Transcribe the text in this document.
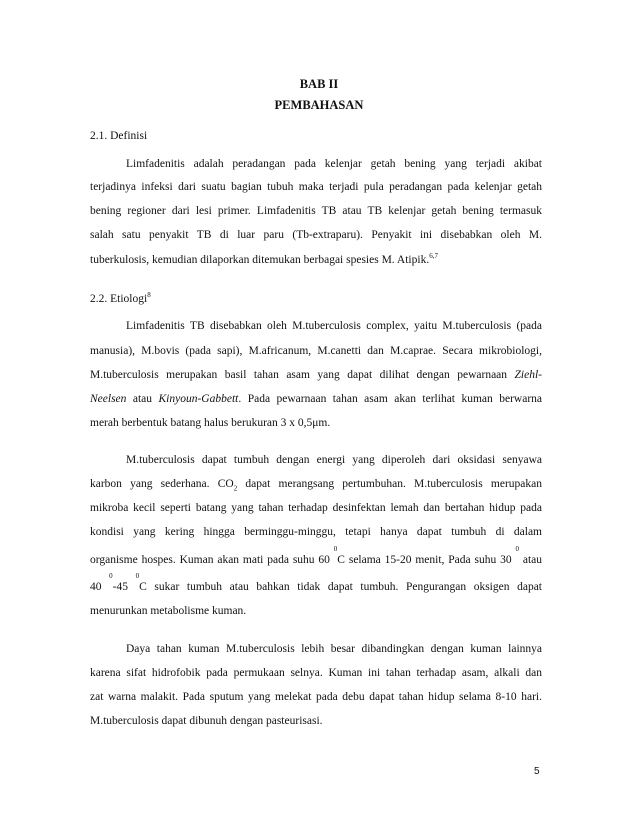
BAB II
PEMBAHASAN
2.1. Definisi
Limfadenitis adalah peradangan pada kelenjar getah bening yang terjadi akibat
terjadinya infeksi dari suatu bagian tubuh maka terjadi pula peradangan pada kelenjar getah
bening regioner dari lesi primer. Limfadenitis TB atau TB kelenjar getah bening termasuk
salah satu penyakit TB di luar paru (Tb-extraparu). Penyakit ini disebabkan oleh M.
tuberkulosis, kemudian dilaporkan ditemukan berbagai spesies M. Atipik.$^{6,7}$
2.2. Etiologi$^8$
Limfadenitis TB disebabkan oleh M.tuberculosis complex, yaitu M.tuberculosis (pada
manusia), M.bovis (pada sapi), M.africanum, M.canetti dan M.caprae. Secara mikrobiologi,
M.tuberculosis merupakan basil tahan asam yang dapat dilihat dengan pewarnaan Ziehl-
Neelsen atau Kinyoun-Gabbett. Pada pewarnaan tahan asam akan terlihat kuman berwarna
merah berbentuk batang halus berukuran 3 x 0,5μm.
M.tuberculosis dapat tumbuh dengan energi yang diperoleh dari oksidasi senyawa
karbon yang sederhana. $CO_2$ dapat merangsang pertumbuhan. M.tuberculosis merupakan
mikroba kecil seperti batang yang tahan terhadap desinfektan lemah dan bertahan hidup pada
kondisi yang kering hingga berminggu-minggu, tetapi hanya dapat tumbuh di dalam
organisme hospes. Kuman akan mati pada suhu 60 $^0$C selama 15-20 menit, Pada suhu 30 $^0$ atau
40 $^0$-45 $^0$C sukar tumbuh atau bahkan tidak dapat tumbuh. Pengurangan oksigen dapat
menurunkan metabolisme kuman.
Daya tahan kuman M.tuberculosis lebih besar dibandingkan dengan kuman lainnya
karena sifat hidrofobik pada permukaan selnya. Kuman ini tahan terhadap asam, alkali dan
zat warna malakit. Pada sputum yang melekat pada debu dapat tahan hidup selama 8-10 hari.
M.tuberculosis dapat dibunuh dengan pasteurisasi.
5
